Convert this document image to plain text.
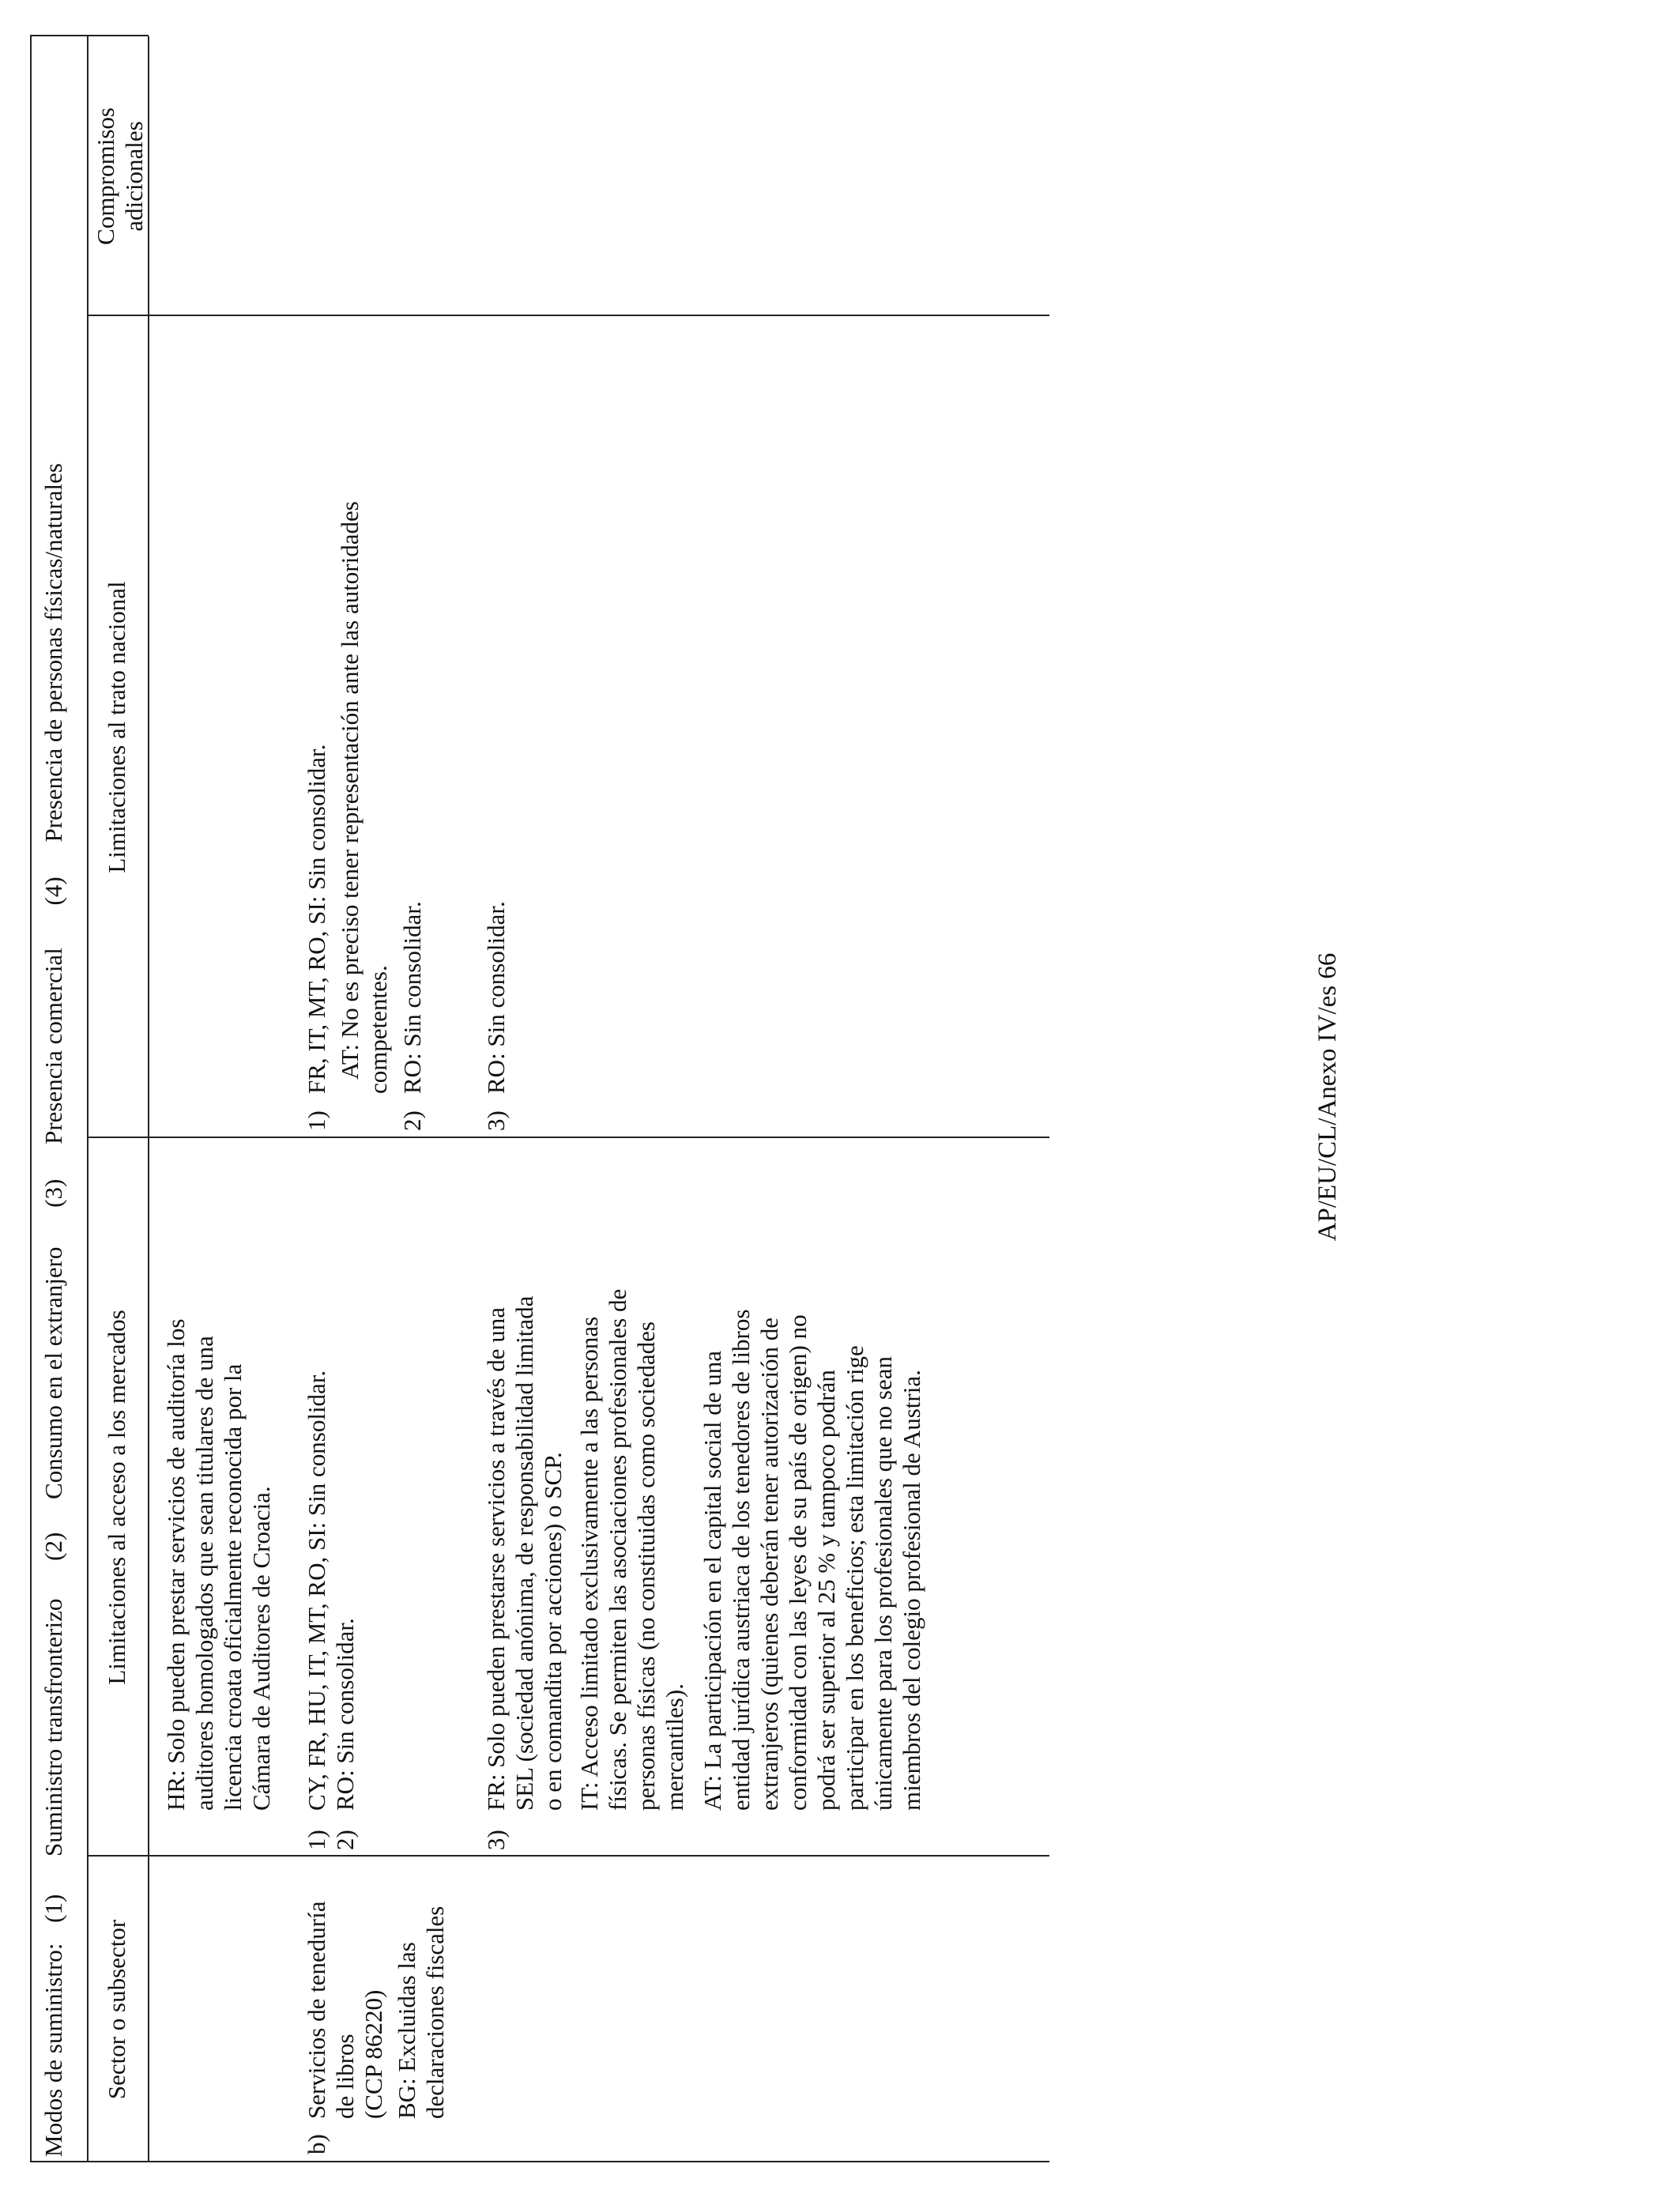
Modos de suministro: (1) Suministro transfronterizo (2) Consumo en el extranjero (3) Presencia comercial (4) Presencia de personas físicas/naturales
Sector o subsector
Limitaciones al acceso a los mercados
Limitaciones al trato nacional
Compromisos adicionales
HR: Solo pueden prestar servicios de auditoría los auditores homologados que sean titulares de una licencia croata oficialmente reconocida por la Cámara de Auditores de Croacia.
b)
Servicios de teneduría de libros (CCP 86220) BG: Excluidas las declaraciones fiscales
1)
CY, FR, HU, IT, MT, RO, SI: Sin consolidar.
2)
RO: Sin consolidar.
1)
FR, IT, MT, RO, SI: Sin consolidar. AT: No es preciso tener representación ante las autoridades competentes.
2)
RO: Sin consolidar.
3)
FR: Solo pueden prestarse servicios a través de una SEL (sociedad anónima, de responsabilidad limitada o en comandita por acciones) o SCP. IT: Acceso limitado exclusivamente a las personas físicas. Se permiten las asociaciones profesionales de personas físicas (no constituidas como sociedades mercantiles). AT: La participación en el capital social de una entidad jurídica austriaca de los tenedores de libros extranjeros (quienes deberán tener autorización de conformidad con las leyes de su país de origen) no podrá ser superior al 25 % y tampoco podrán participar en los beneficios; esta limitación rige únicamente para los profesionales que no sean miembros del colegio profesional de Austria.
3)
RO: Sin consolidar.	AP/EU/CL/Anexo IV/es 66
